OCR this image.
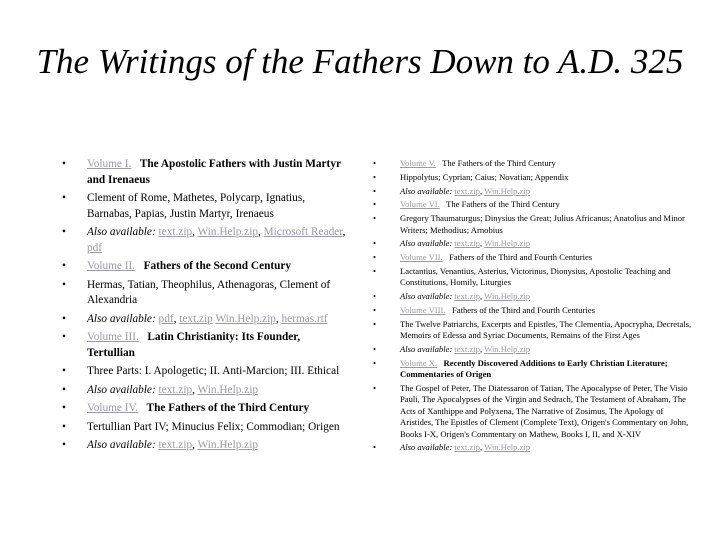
The Writings of the Fathers Down to A.D. 325
• Volume I. The Apostolic Fathers with Justin Martyr and Irenaeus
• Clement of Rome, Mathetes, Polycarp, Ignatius, Barnabas, Papias, Justin Martyr, Irenaeus
• Also available: text.zip, Win.Help.zip, Microsoft Reader, pdf
• Volume II. Fathers of the Second Century
• Hermas, Tatian, Theophilus, Athenagoras, Clement of Alexandria
• Also available: pdf, text.zip Win.Help.zip, hermas.rtf
• Volume III. Latin Christianity: Its Founder, Tertullian
• Three Parts: I. Apologetic; II. Anti-Marcion; III. Ethical
• Also available: text.zip, Win.Help.zip
• Volume IV. The Fathers of the Third Century
• Tertullian Part IV; Minucius Felix; Commodian; Origen
• Also available: text.zip, Win.Help.zip
•	Volume V. The Fathers of the Third Century
•	Hippolytus; Cyprian; Caius; Novatian; Appendix
•	Also available: text.zip, Win.Help.zip
•	Volume VI. The Fathers of the Third Century
•	Gregory Thaumaturgus; Dinysius the Great; Julius Africanus; Anatolius and Minor Writers; Methodius; Arnobius
•	Also available: text.zip, Win.Help.zip
•	Volume VII. Fathers of the Third and Fourth Centuries
•	Lactantius, Venantius, Asterius, Victorinus, Dionysius, Apostolic Teaching and Constitutions, Homily, Liturgies
•	Also available: text.zip, Win.Help.zip
•	Volume VIII. Fathers of the Third and Fourth Centuries
•	The Twelve Patriarchs, Excerpts and Epistles, The Clementia, Apocrypha, Decretals, Memoirs of Edessa and Syriac Documents, Remains of the First Ages
•	Also available: text.zip, Win.Help.zip
•	Volume X. Recently Discovered Additions to Early Christian Literature; Commentaries of Origen
•	The Gospel of Peter, The Diatessaron of Tatian, The Apocalypse of Peter, The Visio Pauli, The Apocalypses of the Virgin and Sedrach, The Testament of Abraham, The Acts of Xanthippe and Polyxena, The Narrative of Zosimus, The Apology of Aristides, The Epistles of Clement (Complete Text), Origen's Commentary on John, Books I-X, Origen's Commentary on Mathew, Books I, II, and X-XIV
•	Also available: text.zip, Win.Help.zip
